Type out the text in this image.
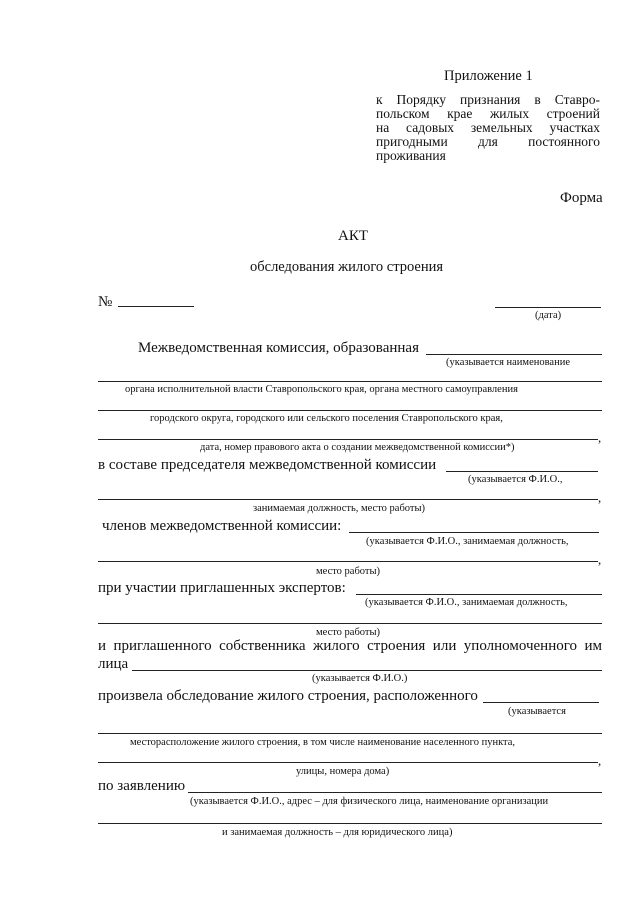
Приложение 1
к Порядку признания в Ставро-
польском крае жилых строений
на садовых земельных участках
пригодными для постоянного
проживания
Форма
АКТ
обследования жилого строения
№
(дата)
Межведомственная комиссия, образованная
(указывается наименование
органа исполнительной власти Ставропольского края, органа местного самоуправления
городского округа, городского или сельского поселения Ставропольского края,
,
дата, номер правового акта о создании межведомственной комиссии*)
в составе председателя межведомственной комиссии
(указывается Ф.И.О.,
,
занимаемая должность, место работы)
членов межведомственной комиссии:
(указывается Ф.И.О., занимаемая должность,
,
место работы)
при участии приглашенных экспертов:
(указывается Ф.И.О., занимаемая должность,
место работы)
и приглашенного собственника жилого строения или уполномоченного им
лица
(указывается Ф.И.О.)
произвела обследование жилого строения, расположенного
(указывается
месторасположение жилого строения, в том числе наименование населенного пункта,
,
улицы, номера дома)
по заявлению
(указывается Ф.И.О., адрес – для физического лица, наименование организации
и занимаемая должность – для юридического лица)
